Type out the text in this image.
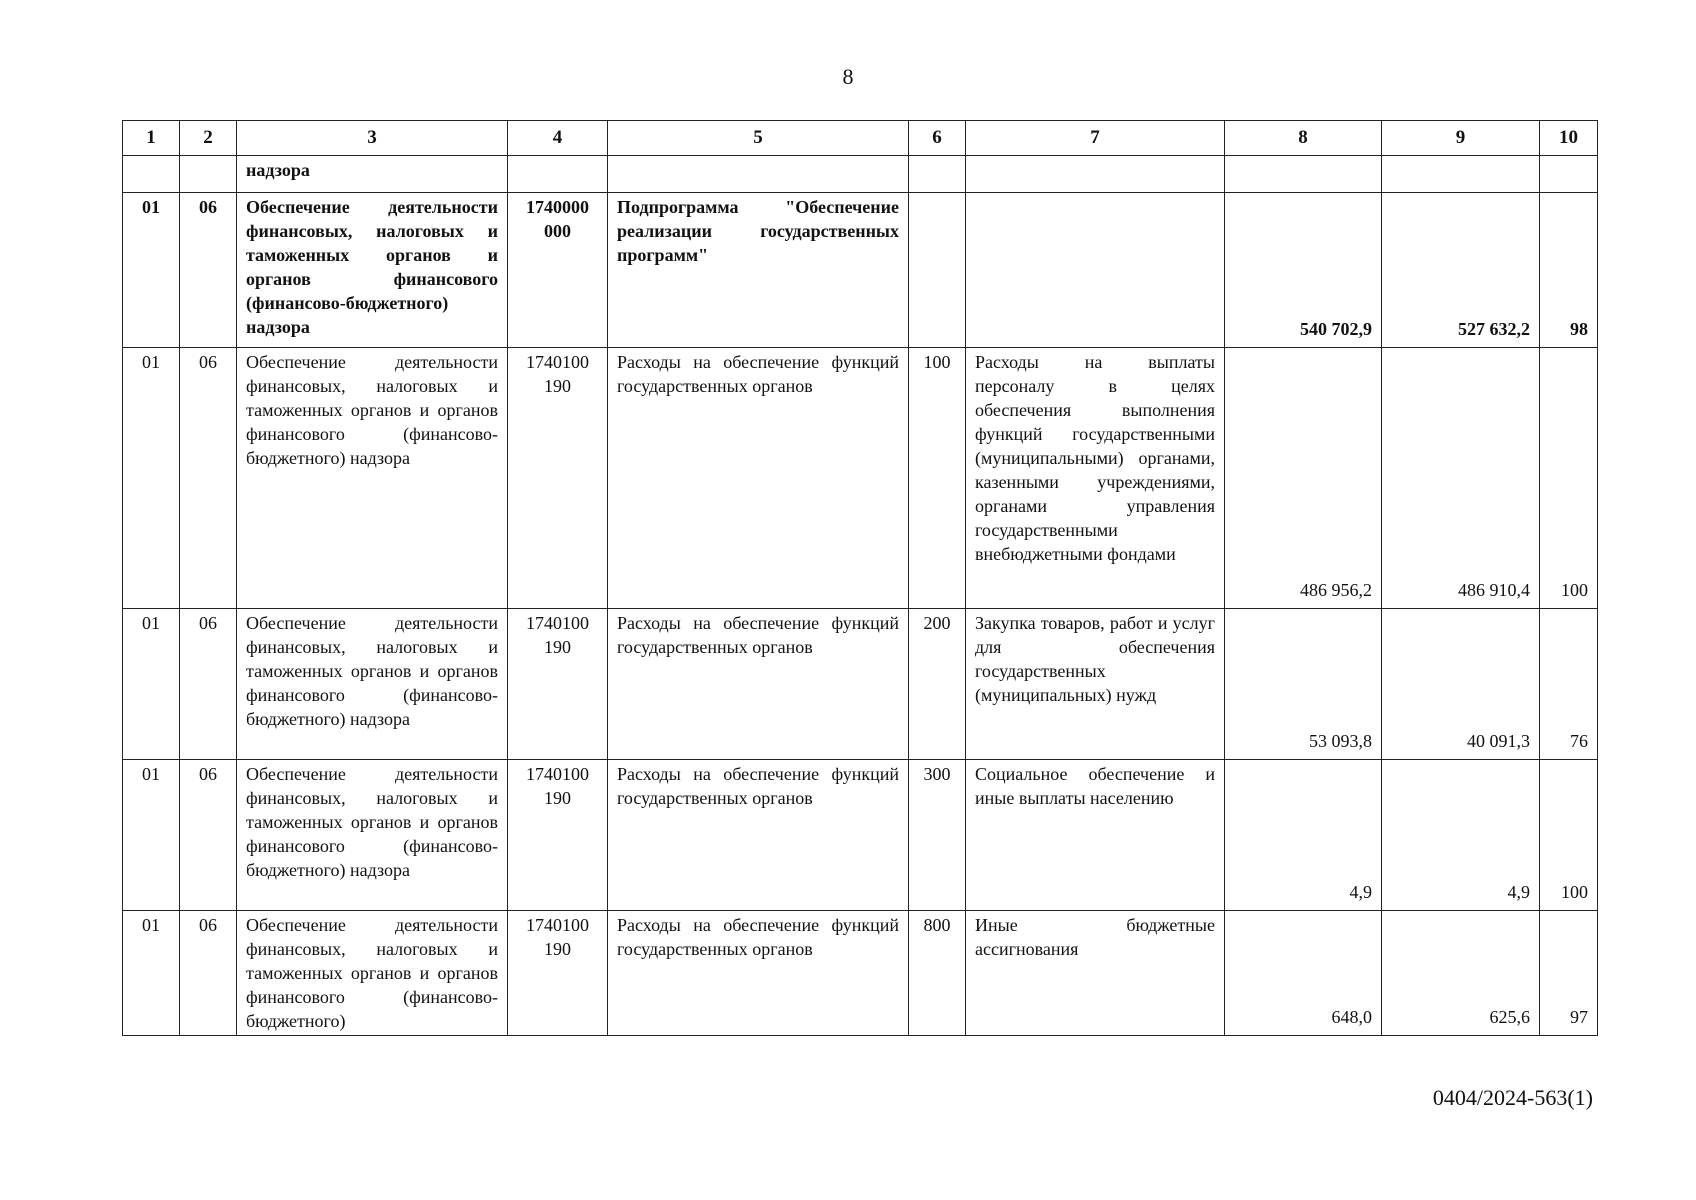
8
1	2	3	4	5	6	7	8	9	10
		надзора							
01	06	Обеспечение деятельности финансовых, налоговых и таможенных органов и органов финансового (финансово-бюджетного) надзора	1740000 000	Подпрограмма "Обеспечение реализации государственных программ"			540 702,9	527 632,2	98
01	06	Обеспечение деятельности финансовых, налоговых и таможенных органов и органов финансового (финансово-бюджетного) надзора	1740100 190	Расходы на обеспечение функций государственных органов	100	Расходы на выплаты персоналу в целях обеспечения выполнения функций государственными (муниципальными) органами, казенными учреждениями, органами управления государственными внебюджетными фондами	486 956,2	486 910,4	100
01	06	Обеспечение деятельности финансовых, налоговых и таможенных органов и органов финансового (финансово-бюджетного) надзора	1740100 190	Расходы на обеспечение функций государственных органов	200	Закупка товаров, работ и услуг для обеспечения государственных (муниципальных) нужд	53 093,8	40 091,3	76
01	06	Обеспечение деятельности финансовых, налоговых и таможенных органов и органов финансового (финансово-бюджетного) надзора	1740100 190	Расходы на обеспечение функций государственных органов	300	Социальное обеспечение и иные выплаты населению	4,9	4,9	100
01	06	Обеспечение деятельности финансовых, налоговых и таможенных органов и органов финансового (финансово-бюджетного)	1740100 190	Расходы на обеспечение функций государственных органов	800	Иные бюджетные ассигнования	648,0	625,6	97
0404/2024-563(1)
